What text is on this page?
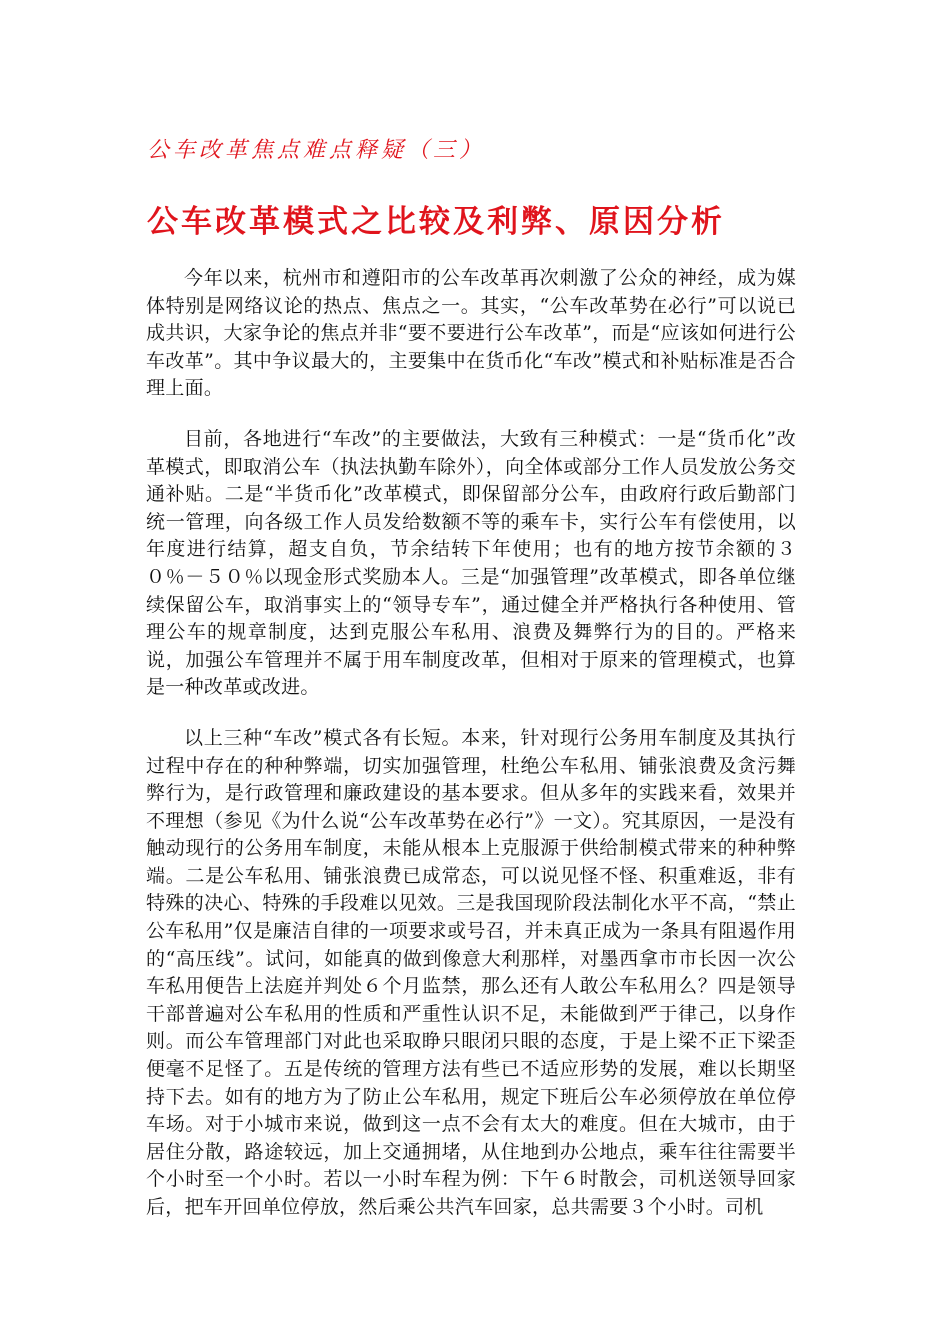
公车改革焦点难点释疑（三）
公车改革模式之比较及利弊、原因分析

今年以来，杭州市和遵阳市的公车改革再次刺激了公众的神经，成为媒体特别是网络议论的热点、焦点之一。其实，“公车改革势在必行”可以说已成共识，大家争论的焦点并非“要不要进行公车改革”，而是“应该如何进行公车改革”。其中争议最大的，主要集中在货币化“车改”模式和补贴标准是否合理上面。

目前，各地进行“车改”的主要做法，大致有三种模式：一是“货币化”改革模式，即取消公车（执法执勤车除外），向全体或部分工作人员发放公务交通补贴。二是“半货币化”改革模式，即保留部分公车，由政府行政后勤部门统一管理，向各级工作人员发给数额不等的乘车卡，实行公车有偿使用，以年度进行结算，超支自负，节余结转下年使用；也有的地方按节余额的３０％－５０％以现金形式奖励本人。三是“加强管理”改革模式，即各单位继续保留公车，取消事实上的“领导专车”，通过健全并严格执行各种使用、管理公车的规章制度，达到克服公车私用、浪费及舞弊行为的目的。严格来说，加强公车管理并不属于用车制度改革，但相对于原来的管理模式，也算是一种改革或改进。

以上三种“车改”模式各有长短。本来，针对现行公务用车制度及其执行过程中存在的种种弊端，切实加强管理，杜绝公车私用、铺张浪费及贪污舞弊行为，是行政管理和廉政建设的基本要求。但从多年的实践来看，效果并不理想（参见《为什么说“公车改革势在必行”》一文）。究其原因，一是没有触动现行的公务用车制度，未能从根本上克服源于供给制模式带来的种种弊端。二是公车私用、铺张浪费已成常态，可以说见怪不怪、积重难返，非有特殊的决心、特殊的手段难以见效。三是我国现阶段法制化水平不高，“禁止公车私用”仅是廉洁自律的一项要求或号召，并未真正成为一条具有阻遏作用的“高压线”。试问，如能真的做到像意大利那样，对墨西拿市市长因一次公车私用便告上法庭并判处６个月监禁，那么还有人敢公车私用么？四是领导干部普遍对公车私用的性质和严重性认识不足，未能做到严于律己，以身作则。而公车管理部门对此也采取睁只眼闭只眼的态度，于是上梁不正下梁歪便毫不足怪了。五是传统的管理方法有些已不适应形势的发展，难以长期坚持下去。如有的地方为了防止公车私用，规定下班后公车必须停放在单位停车场。对于小城市来说，做到这一点不会有太大的难度。但在大城市，由于居住分散，路途较远，加上交通拥堵，从住地到办公地点，乘车往往需要半个小时至一个小时。若以一小时车程为例：下午６时散会，司机送领导回家后，把车开回单位停放，然后乘公共汽车回家，总共需要３个小时。司机
